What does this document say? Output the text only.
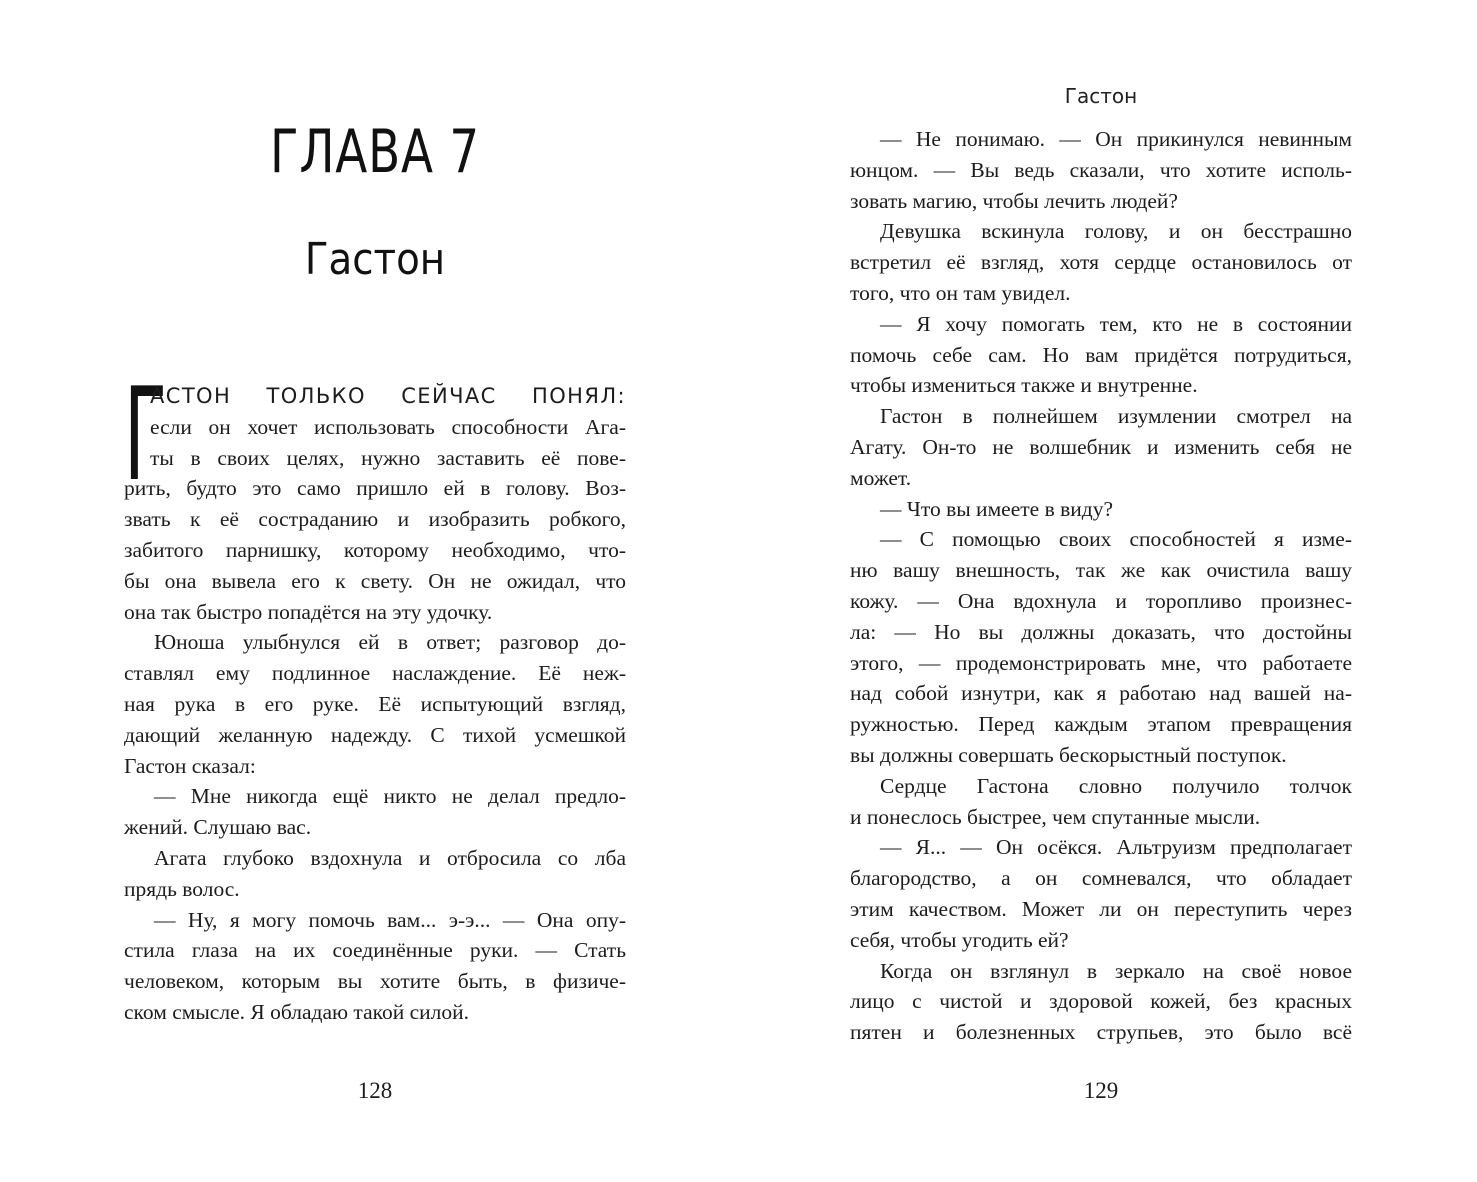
ГЛАВА 7
Гастон
Г
АСТОН ТОЛЬКО СЕЙЧАС ПОНЯЛ:
если он хочет использовать способности Ага-
ты в своих целях, нужно заставить её пове-
рить, будто это само пришло ей в голову. Воз-
звать к её состраданию и изобразить робкого,
забитого парнишку, которому необходимо, что-
бы она вывела его к свету. Он не ожидал, что
она так быстро попадётся на эту удочку.
Юноша улыбнулся ей в ответ; разговор до-
ставлял ему подлинное наслаждение. Её неж-
ная рука в его руке. Её испытующий взгляд,
дающий желанную надежду. С тихой усмешкой
Гастон сказал:
— Мне никогда ещё никто не делал предло-
жений. Слушаю вас.
Агата глубоко вздохнула и отбросила со лба
прядь волос.
— Ну, я могу помочь вам... э-э... — Она опу-
стила глаза на их соединённые руки. — Стать
человеком, которым вы хотите быть, в физиче-
ском смысле. Я обладаю такой силой.
128
Гастон
— Не понимаю. — Он прикинулся невинным
юнцом. — Вы ведь сказали, что хотите исполь-
зовать магию, чтобы лечить людей?
Девушка вскинула голову, и он бесстрашно
встретил её взгляд, хотя сердце остановилось от
того, что он там увидел.
— Я хочу помогать тем, кто не в состоянии
помочь себе сам. Но вам придётся потрудиться,
чтобы измениться также и внутренне.
Гастон в полнейшем изумлении смотрел на
Агату. Он-то не волшебник и изменить себя не
может.
— Что вы имеете в виду?
— С помощью своих способностей я изме-
ню вашу внешность, так же как очистила вашу
кожу. — Она вдохнула и торопливо произнес-
ла: — Но вы должны доказать, что достойны
этого, — продемонстрировать мне, что работаете
над собой изнутри, как я работаю над вашей на-
ружностью. Перед каждым этапом превращения
вы должны совершать бескорыстный поступок.
Сердце Гастона словно получило толчок
и понеслось быстрее, чем спутанные мысли.
— Я... — Он осёкся. Альтруизм предполагает
благородство, а он сомневался, что обладает
этим качеством. Может ли он переступить через
себя, чтобы угодить ей?
Когда он взглянул в зеркало на своё новое
лицо с чистой и здоровой кожей, без красных
пятен и болезненных струпьев, это было всё
129
